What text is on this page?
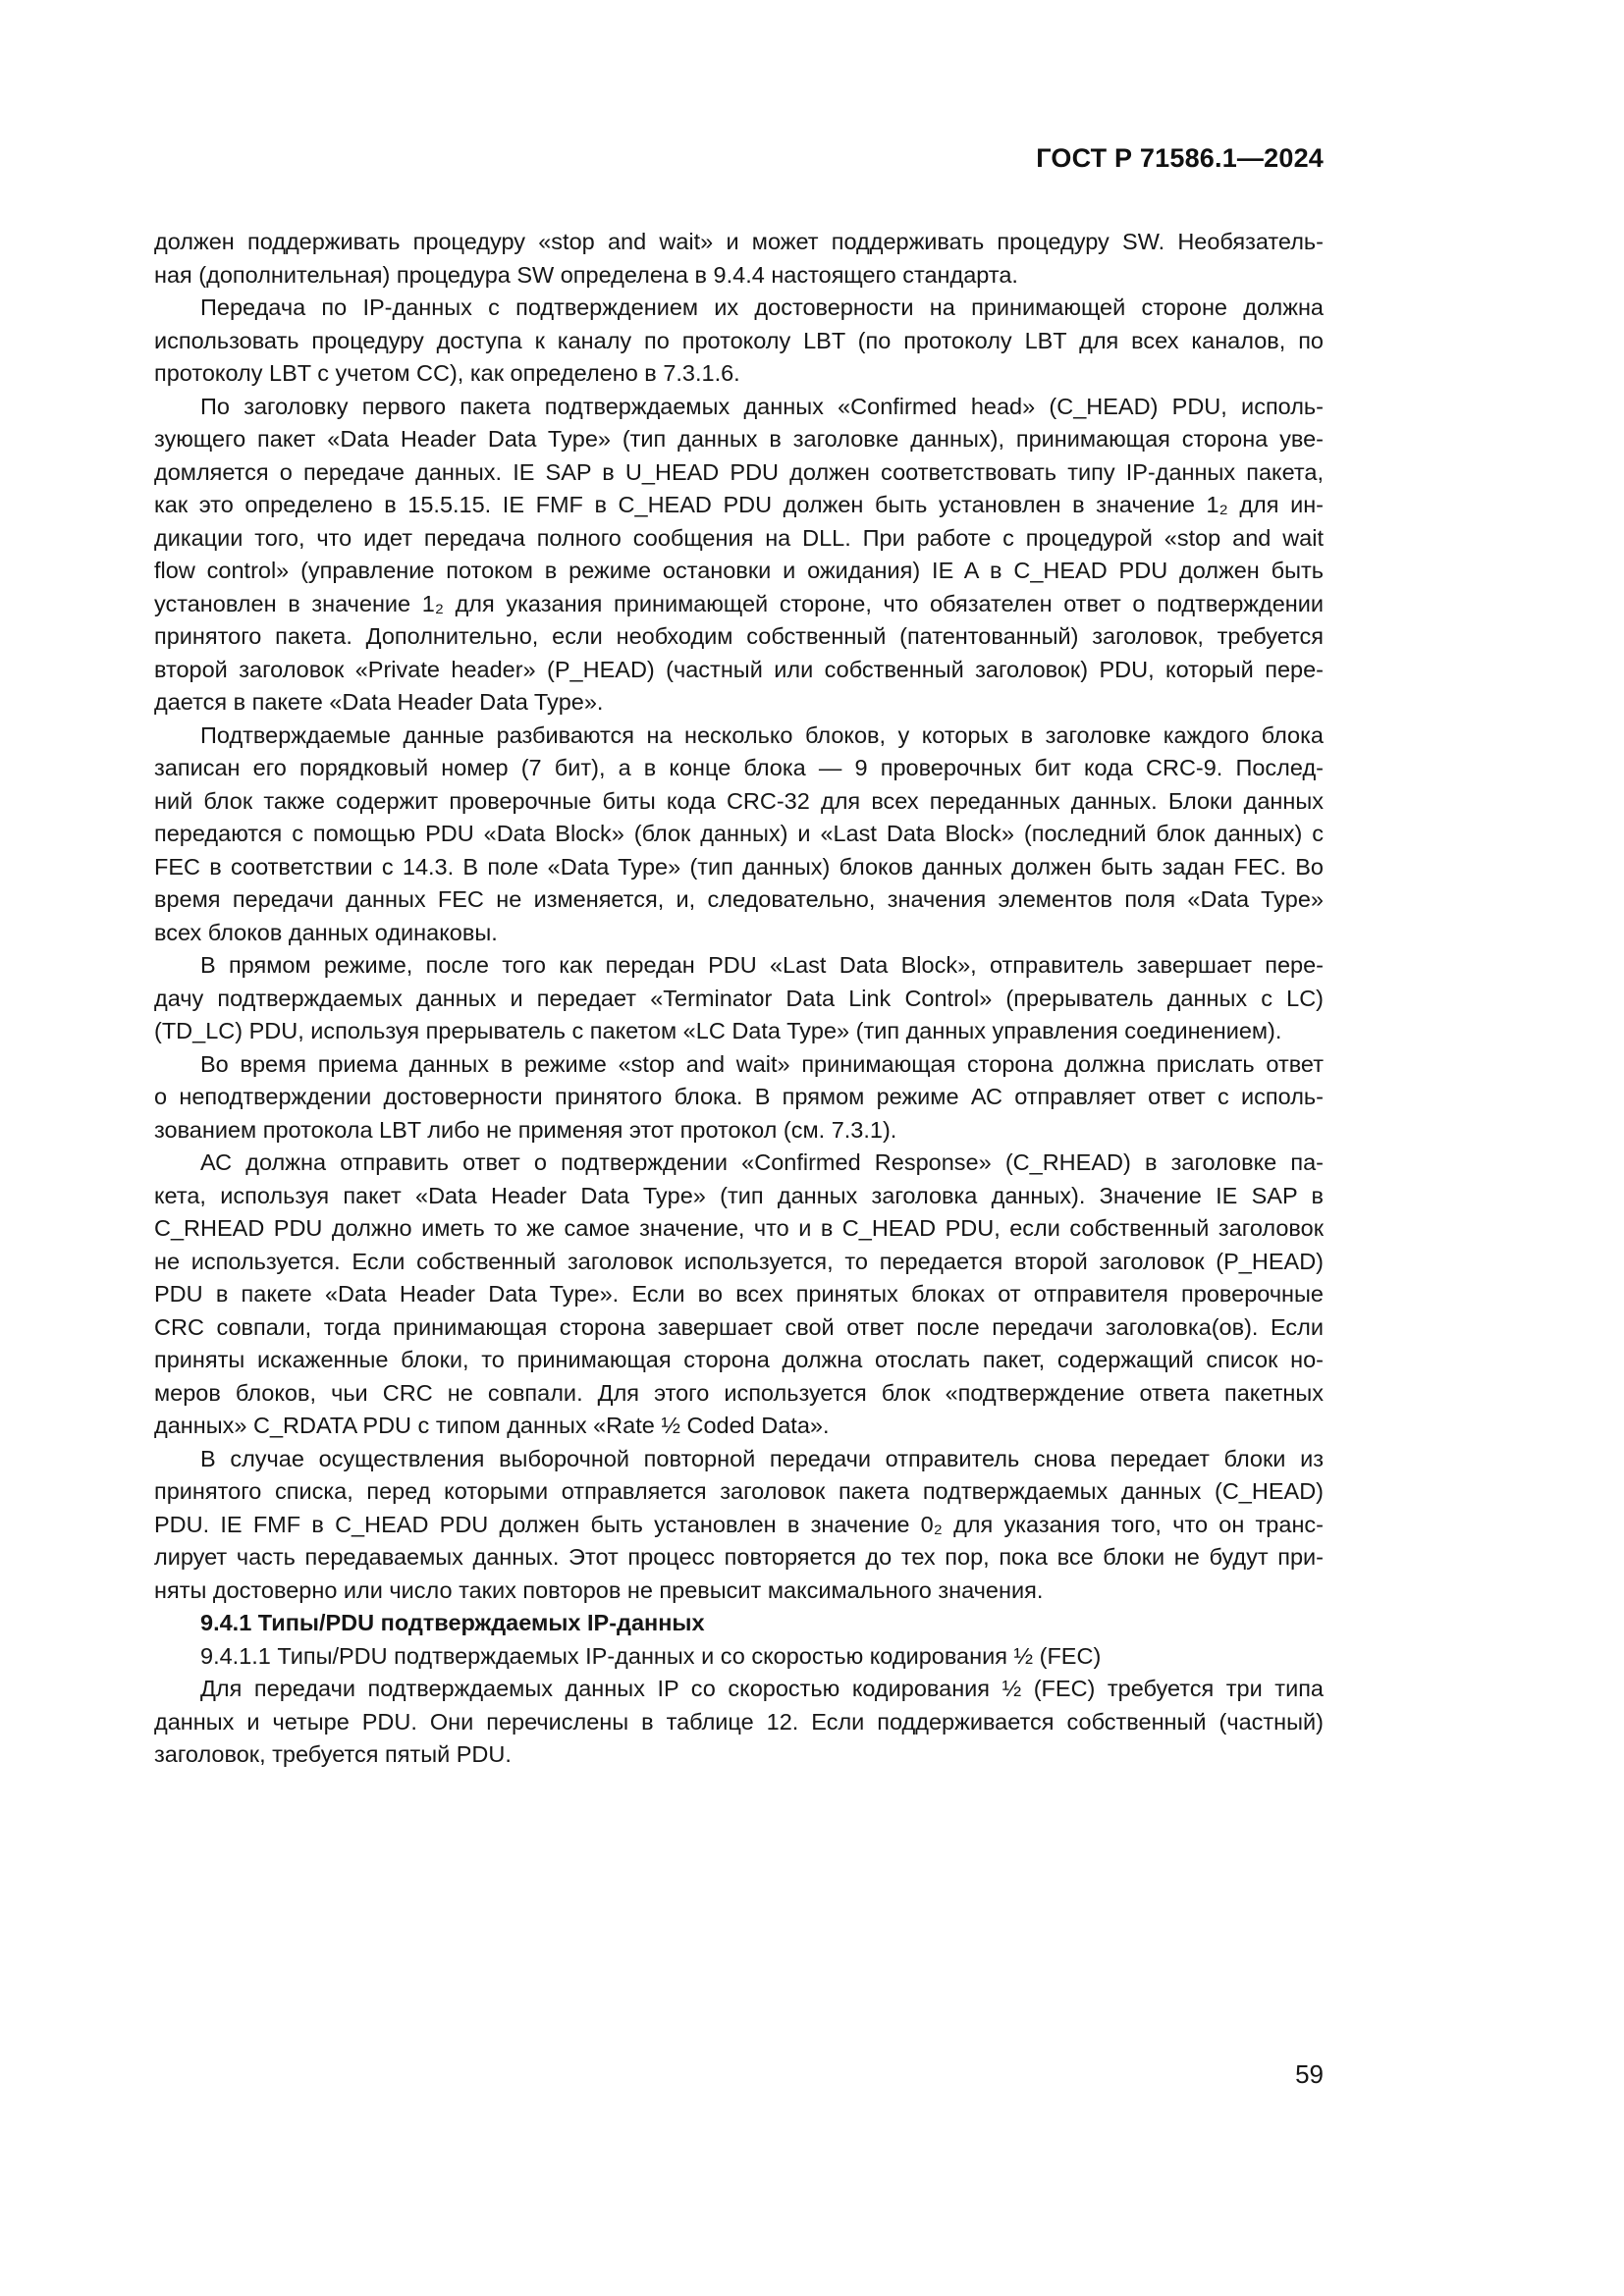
ГОСТ Р 71586.1—2024
должен поддерживать процедуру «stop and wait» и может поддерживать процедуру SW. Необязатель-
ная (дополнительная) процедура SW определена в 9.4.4 настоящего стандарта.
Передача по IP-данных с подтверждением их достоверности на принимающей стороне должна
использовать процедуру доступа к каналу по протоколу LBT (по протоколу LBT для всех каналов, по
протоколу LBT с учетом СС), как определено в 7.3.1.6.
По заголовку первого пакета подтверждаемых данных «Confirmed head» (C_HEAD) PDU, исполь-
зующего пакет «Data Header Data Type» (тип данных в заголовке данных), принимающая сторона уве-
домляется о передаче данных. IE SAP в U_HEAD PDU должен соответствовать типу IP-данных пакета,
как это определено в 15.5.15. IE FMF в C_HEAD PDU должен быть установлен в значение 1₂ для ин-
дикации того, что идет передача полного сообщения на DLL. При работе с процедурой «stop and wait
flow control» (управление потоком в режиме остановки и ожидания) IE A в C_HEAD PDU должен быть
установлен в значение 1₂ для указания принимающей стороне, что обязателен ответ о подтверждении
принятого пакета. Дополнительно, если необходим собственный (патентованный) заголовок, требуется
второй заголовок «Private header» (P_HEAD) (частный или собственный заголовок) PDU, который пере-
дается в пакете «Data Header Data Type».
Подтверждаемые данные разбиваются на несколько блоков, у которых в заголовке каждого блока
записан его порядковый номер (7 бит), а в конце блока — 9 проверочных бит кода CRC-9. Послед-
ний блок также содержит проверочные биты кода CRC-32 для всех переданных данных. Блоки данных
передаются с помощью PDU «Data Block» (блок данных) и «Last Data Block» (последний блок данных) с
FEC в соответствии с 14.3. В поле «Data Type» (тип данных) блоков данных должен быть задан FEC. Во
время передачи данных FEC не изменяется, и, следовательно, значения элементов поля «Data Type»
всех блоков данных одинаковы.
В прямом режиме, после того как передан PDU «Last Data Block», отправитель завершает пере-
дачу подтверждаемых данных и передает «Terminator Data Link Control» (прерыватель данных с LC)
(TD_LC) PDU, используя прерыватель с пакетом «LC Data Type» (тип данных управления соединением).
Во время приема данных в режиме «stop and wait» принимающая сторона должна прислать ответ
о неподтверждении достоверности принятого блока. В прямом режиме АС отправляет ответ с исполь-
зованием протокола LBT либо не применяя этот протокол (см. 7.3.1).
АС должна отправить ответ о подтверждении «Confirmed Response» (C_RHEAD) в заголовке па-
кета, используя пакет «Data Header Data Type» (тип данных заголовка данных). Значение IE SAP в
C_RHEAD PDU должно иметь то же самое значение, что и в C_HEAD PDU, если собственный заголовок
не используется. Если собственный заголовок используется, то передается второй заголовок (P_HEAD)
PDU в пакете «Data Header Data Type». Если во всех принятых блоках от отправителя проверочные
CRC совпали, тогда принимающая сторона завершает свой ответ после передачи заголовка(ов). Если
приняты искаженные блоки, то принимающая сторона должна отослать пакет, содержащий список но-
меров блоков, чьи CRC не совпали. Для этого используется блок «подтверждение ответа пакетных
данных» C_RDATA PDU с типом данных «Rate ½ Coded Data».
В случае осуществления выборочной повторной передачи отправитель снова передает блоки из
принятого списка, перед которыми отправляется заголовок пакета подтверждаемых данных (C_HEAD)
PDU. IE FMF в C_HEAD PDU должен быть установлен в значение 0₂ для указания того, что он транс-
лирует часть передаваемых данных. Этот процесс повторяется до тех пор, пока все блоки не будут при-
няты достоверно или число таких повторов не превысит максимального значения.
9.4.1 Типы/PDU подтверждаемых IP-данных
9.4.1.1 Типы/PDU подтверждаемых IP-данных и со скоростью кодирования ½ (FEC)
Для передачи подтверждаемых данных IP со скоростью кодирования ½ (FEC) требуется три типа
данных и четыре PDU. Они перечислены в таблице 12. Если поддерживается собственный (частный)
заголовок, требуется пятый PDU.
59
